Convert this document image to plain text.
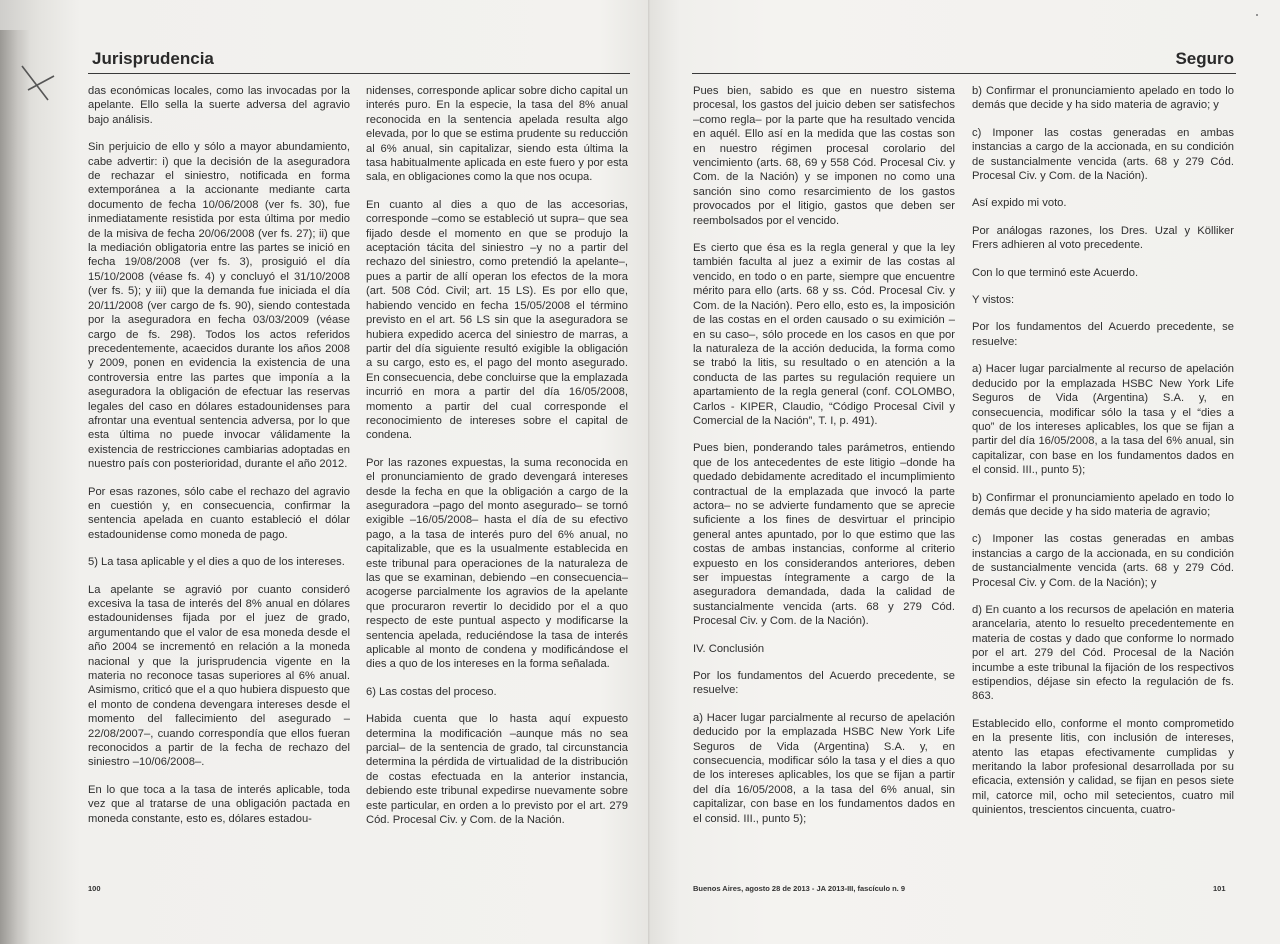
Jurisprudencia

das económicas locales, como las invocadas por la apelante. Ello sella la suerte adversa del agravio bajo análisis.

Sin perjuicio de ello y sólo a mayor abundamiento, cabe advertir: i) que la decisión de la aseguradora de rechazar el siniestro, notificada en forma extemporánea a la accionante mediante carta documento de fecha 10/06/2008 (ver fs. 30), fue inmediatamente resistida por esta última por medio de la misiva de fecha 20/06/2008 (ver fs. 27); ii) que la mediación obligatoria entre las partes se inició en fecha 19/08/2008 (ver fs. 3), prosiguió el día 15/10/2008 (véase fs. 4) y concluyó el 31/10/2008 (ver fs. 5); y iii) que la demanda fue iniciada el día 20/11/2008 (ver cargo de fs. 90), siendo contestada por la aseguradora en fecha 03/03/2009 (véase cargo de fs. 298). Todos los actos referidos precedentemente, acaecidos durante los años 2008 y 2009, ponen en evidencia la existencia de una controversia entre las partes que imponía a la aseguradora la obligación de efectuar las reservas legales del caso en dólares estadounidenses para afrontar una eventual sentencia adversa, por lo que esta última no puede invocar válidamente la existencia de restricciones cambiarias adoptadas en nuestro país con posterioridad, durante el año 2012.

Por esas razones, sólo cabe el rechazo del agravio en cuestión y, en consecuencia, confirmar la sentencia apelada en cuanto estableció el dólar estadounidense como moneda de pago.

5) La tasa aplicable y el dies a quo de los intereses.

La apelante se agravió por cuanto consideró excesiva la tasa de interés del 8% anual en dólares estadounidenses fijada por el juez de grado, argumentando que el valor de esa moneda desde el año 2004 se incrementó en relación a la moneda nacional y que la jurisprudencia vigente en la materia no reconoce tasas superiores al 6% anual. Asimismo, criticó que el a quo hubiera dispuesto que el monto de condena devengara intereses desde el momento del fallecimiento del asegurado –22/08/2007–, cuando correspondía que ellos fueran reconocidos a partir de la fecha de rechazo del siniestro –10/06/2008–.

En lo que toca a la tasa de interés aplicable, toda vez que al tratarse de una obligación pactada en moneda constante, esto es, dólares estadou-

nidenses, corresponde aplicar sobre dicho capital un interés puro. En la especie, la tasa del 8% anual reconocida en la sentencia apelada resulta algo elevada, por lo que se estima prudente su reducción al 6% anual, sin capitalizar, siendo esta última la tasa habitualmente aplicada en este fuero y por esta sala, en obligaciones como la que nos ocupa.

En cuanto al dies a quo de las accesorias, corresponde –como se estableció ut supra– que sea fijado desde el momento en que se produjo la aceptación tácita del siniestro –y no a partir del rechazo del siniestro, como pretendió la apelante–, pues a partir de allí operan los efectos de la mora (art. 508 Cód. Civil; art. 15 LS). Es por ello que, habiendo vencido en fecha 15/05/2008 el término previsto en el art. 56 LS sin que la aseguradora se hubiera expedido acerca del siniestro de marras, a partir del día siguiente resultó exigible la obligación a su cargo, esto es, el pago del monto asegurado. En consecuencia, debe concluirse que la emplazada incurrió en mora a partir del día 16/05/2008, momento a partir del cual corresponde el reconocimiento de intereses sobre el capital de condena.

Por las razones expuestas, la suma reconocida en el pronunciamiento de grado devengará intereses desde la fecha en que la obligación a cargo de la aseguradora –pago del monto asegurado– se tornó exigible –16/05/2008– hasta el día de su efectivo pago, a la tasa de interés puro del 6% anual, no capitalizable, que es la usualmente establecida en este tribunal para operaciones de la naturaleza de las que se examinan, debiendo –en consecuencia– acogerse parcialmente los agravios de la apelante que procuraron revertir lo decidido por el a quo respecto de este puntual aspecto y modificarse la sentencia apelada, reduciéndose la tasa de interés aplicable al monto de condena y modificándose el dies a quo de los intereses en la forma señalada.

6) Las costas del proceso.

Habida cuenta que lo hasta aquí expuesto determina la modificación –aunque más no sea parcial– de la sentencia de grado, tal circunstancia determina la pérdida de virtualidad de la distribución de costas efectuada en la anterior instancia, debiendo este tribunal expedirse nuevamente sobre este particular, en orden a lo previsto por el art. 279 Cód. Procesal Civ. y Com. de la Nación.

100
Seguro

Pues bien, sabido es que en nuestro sistema procesal, los gastos del juicio deben ser satisfechos –como regla– por la parte que ha resultado vencida en aquél. Ello así en la medida que las costas son en nuestro régimen procesal corolario del vencimiento (arts. 68, 69 y 558 Cód. Procesal Civ. y Com. de la Nación) y se imponen no como una sanción sino como resarcimiento de los gastos provocados por el litigio, gastos que deben ser reembolsados por el vencido.

Es cierto que ésa es la regla general y que la ley también faculta al juez a eximir de las costas al vencido, en todo o en parte, siempre que encuentre mérito para ello (arts. 68 y ss. Cód. Procesal Civ. y Com. de la Nación). Pero ello, esto es, la imposición de las costas en el orden causado o su eximición –en su caso–, sólo procede en los casos en que por la naturaleza de la acción deducida, la forma como se trabó la litis, su resultado o en atención a la conducta de las partes su regulación requiere un apartamiento de la regla general (conf. COLOMBO, Carlos - KIPER, Claudio, “Código Procesal Civil y Comercial de la Nación”, T. I, p. 491).

Pues bien, ponderando tales parámetros, entiendo que de los antecedentes de este litigio –donde ha quedado debidamente acreditado el incumplimiento contractual de la emplazada que invocó la parte actora– no se advierte fundamento que se aprecie suficiente a los fines de desvirtuar el principio general antes apuntado, por lo que estimo que las costas de ambas instancias, conforme al criterio expuesto en los considerandos anteriores, deben ser impuestas íntegramente a cargo de la aseguradora demandada, dada la calidad de sustancialmente vencida (arts. 68 y 279 Cód. Procesal Civ. y Com. de la Nación).

IV. Conclusión

Por los fundamentos del Acuerdo precedente, se resuelve:

a) Hacer lugar parcialmente al recurso de apelación deducido por la emplazada HSBC New York Life Seguros de Vida (Argentina) S.A. y, en consecuencia, modificar sólo la tasa y el dies a quo de los intereses aplicables, los que se fijan a partir del día 16/05/2008, a la tasa del 6% anual, sin capitalizar, con base en los fundamentos dados en el consid. III., punto 5);

b) Confirmar el pronunciamiento apelado en todo lo demás que decide y ha sido materia de agravio; y

c) Imponer las costas generadas en ambas instancias a cargo de la accionada, en su condición de sustancialmente vencida (arts. 68 y 279 Cód. Procesal Civ. y Com. de la Nación).

Así expido mi voto.

Por análogas razones, los Dres. Uzal y Kölliker Frers adhieren al voto precedente.

Con lo que terminó este Acuerdo.

Y vistos:

Por los fundamentos del Acuerdo precedente, se resuelve:

a) Hacer lugar parcialmente al recurso de apelación deducido por la emplazada HSBC New York Life Seguros de Vida (Argentina) S.A. y, en consecuencia, modificar sólo la tasa y el “dies a quo” de los intereses aplicables, los que se fijan a partir del día 16/05/2008, a la tasa del 6% anual, sin capitalizar, con base en los fundamentos dados en el consid. III., punto 5);

b) Confirmar el pronunciamiento apelado en todo lo demás que decide y ha sido materia de agravio;

c) Imponer las costas generadas en ambas instancias a cargo de la accionada, en su condición de sustancialmente vencida (arts. 68 y 279 Cód. Procesal Civ. y Com. de la Nación); y

d) En cuanto a los recursos de apelación en materia arancelaria, atento lo resuelto precedentemente en materia de costas y dado que conforme lo normado por el art. 279 del Cód. Procesal de la Nación incumbe a este tribunal la fijación de los respectivos estipendios, déjase sin efecto la regulación de fs. 863.

Establecido ello, conforme el monto comprometido en la presente litis, con inclusión de intereses, atento las etapas efectivamente cumplidas y meritando la labor profesional desarrollada por su eficacia, extensión y calidad, se fijan en pesos siete mil, catorce mil, ocho mil setecientos, cuatro mil quinientos, trescientos cincuenta, cuatro-

Buenos Aires, agosto 28 de 2013 - JA 2013-III, fascículo n. 9	101
